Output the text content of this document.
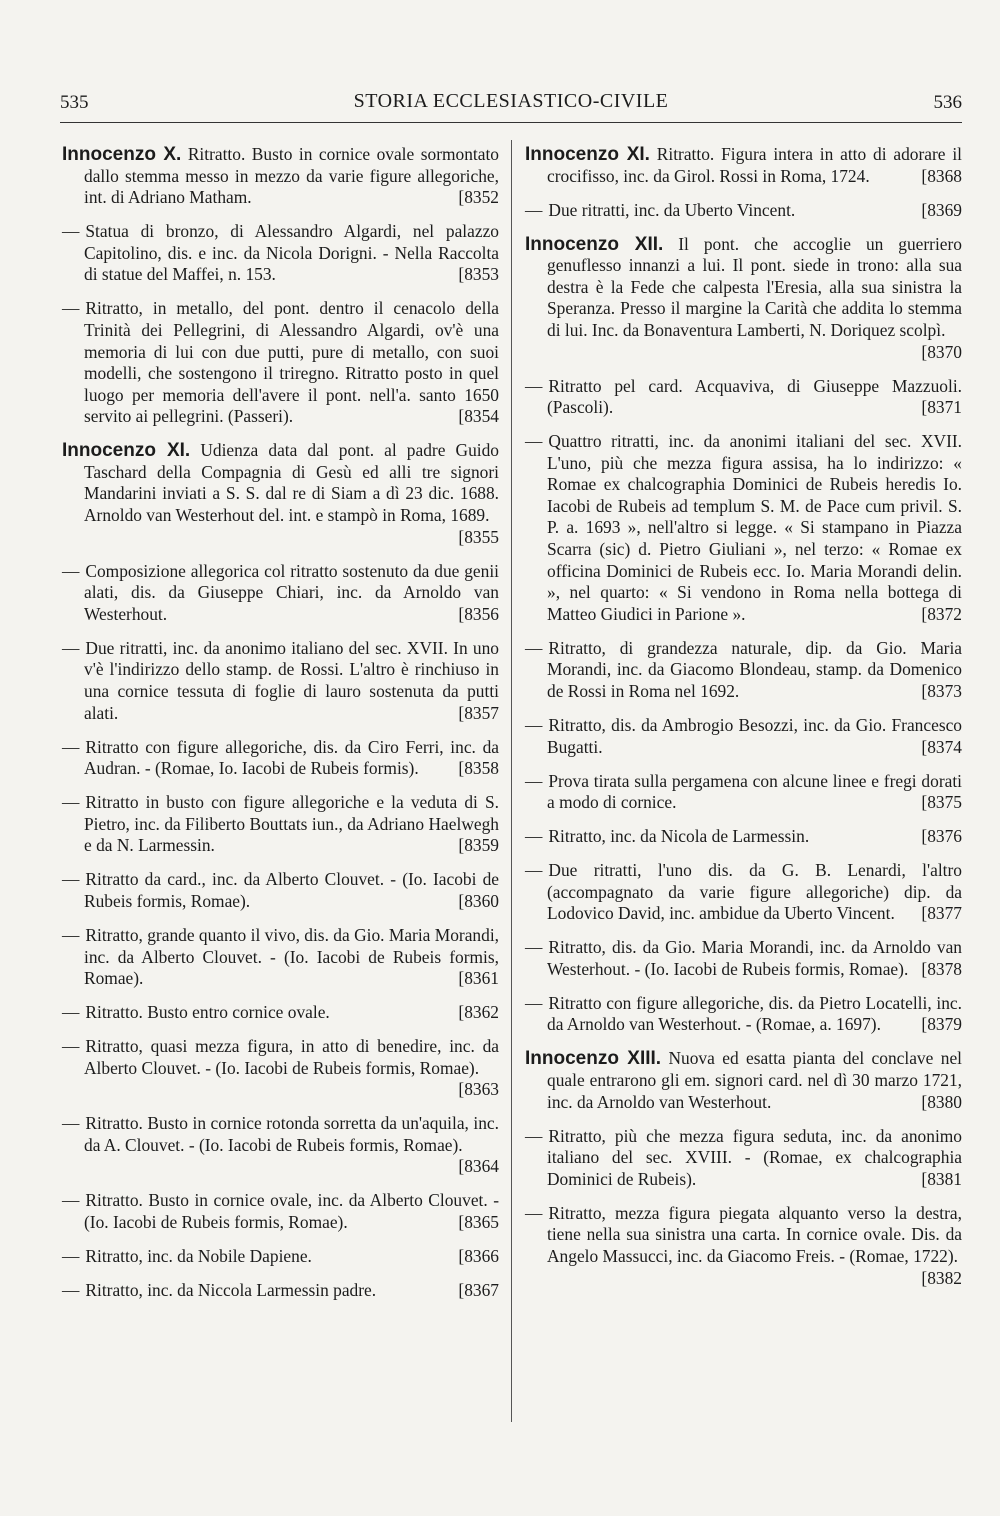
535	STORIA ECCLESIASTICO-CIVILE	536
Innocenzo X. Ritratto. Busto in cornice ovale sormontato dallo stemma messo in mezzo da varie figure allegoriche, int. di Adriano Matham.	[8352
— Statua di bronzo, di Alessandro Algardi, nel palazzo Capitolino, dis. e inc. da Nicola Dorigni. - Nella Raccolta di statue del Maffei, n. 153.	[8353
— Ritratto, in metallo, del pont. dentro il cenacolo della Trinità dei Pellegrini, di Alessandro Algardi, ov'è una memoria di lui con due putti, pure di metallo, con suoi modelli, che sostengono il triregno. Ritratto posto in quel luogo per memoria dell'avere il pont. nell'a. santo 1650 servito ai pellegrini. (Passeri).	[8354
Innocenzo XI. Udienza data dal pont. al padre Guido Taschard della Compagnia di Gesù ed alli tre signori Mandarini inviati a S. S. dal re di Siam a dì 23 dic. 1688. Arnoldo van Westerhout del. int. e stampò in Roma, 1689.
[8355
— Composizione allegorica col ritratto sostenuto da due genii alati, dis. da Giuseppe Chiari, inc. da Arnoldo van Westerhout.	[8356
— Due ritratti, inc. da anonimo italiano del sec. XVII. In uno v'è l'indirizzo dello stamp. de Rossi. L'altro è rinchiuso in una cornice tessuta di foglie di lauro sostenuta da putti alati.	[8357
— Ritratto con figure allegoriche, dis. da Ciro Ferri, inc. da Audran. - (Romae, Io. Iacobi de Rubeis formis).	[8358
— Ritratto in busto con figure allegoriche e la veduta di S. Pietro, inc. da Filiberto Bouttats iun., da Adriano Haelwegh e da N. Larmessin.	[8359
— Ritratto da card., inc. da Alberto Clouvet. - (Io. Iacobi de Rubeis formis, Romae).	[8360
— Ritratto, grande quanto il vivo, dis. da Gio. Maria Morandi, inc. da Alberto Clouvet. - (Io. Iacobi de Rubeis formis, Romae).	[8361
— Ritratto. Busto entro cornice ovale.	[8362
— Ritratto, quasi mezza figura, in atto di benedire, inc. da Alberto Clouvet. - (Io. Iacobi de Rubeis formis, Romae).
[8363
— Ritratto. Busto in cornice rotonda sorretta da un'aquila, inc. da A. Clouvet. - (Io. Iacobi de Rubeis formis, Romae).
[8364
— Ritratto. Busto in cornice ovale, inc. da Alberto Clouvet. - (Io. Iacobi de Rubeis formis, Romae).	[8365
— Ritratto, inc. da Nobile Dapiene.	[8366
— Ritratto, inc. da Niccola Larmessin padre.	[8367
Innocenzo XI. Ritratto. Figura intera in atto di adorare il crocifisso, inc. da Girol. Rossi in Roma, 1724.	[8368
— Due ritratti, inc. da Uberto Vincent.	[8369
Innocenzo XII. Il pont. che accoglie un guerriero genuflesso innanzi a lui. Il pont. siede in trono: alla sua destra è la Fede che calpesta l'Eresia, alla sua sinistra la Speranza. Presso il margine la Carità che addita lo stemma di lui. Inc. da Bonaventura Lamberti, N. Doriquez scolpì.
[8370
— Ritratto pel card. Acquaviva, di Giuseppe Mazzuoli. (Pascoli).	[8371
— Quattro ritratti, inc. da anonimi italiani del sec. XVII. L'uno, più che mezza figura assisa, ha lo indirizzo: « Romae ex chalcographia Dominici de Rubeis heredis Io. Iacobi de Rubeis ad templum S. M. de Pace cum privil. S. P. a. 1693 », nell'altro si legge. « Si stampano in Piazza Scarra (sic) d. Pietro Giuliani », nel terzo: « Romae ex officina Dominici de Rubeis ecc. Io. Maria Morandi delin. », nel quarto: « Si vendono in Roma nella bottega di Matteo Giudici in Parione ».	[8372
— Ritratto, di grandezza naturale, dip. da Gio. Maria Morandi, inc. da Giacomo Blondeau, stamp. da Domenico de Rossi in Roma nel 1692.	[8373
— Ritratto, dis. da Ambrogio Besozzi, inc. da Gio. Francesco Bugatti.	[8374
— Prova tirata sulla pergamena con alcune linee e fregi dorati a modo di cornice.	[8375
— Ritratto, inc. da Nicola de Larmessin.	[8376
— Due ritratti, l'uno dis. da G. B. Lenardi, l'altro (accompagnato da varie figure allegoriche) dip. da Lodovico David, inc. ambidue da Uberto Vincent.	[8377
— Ritratto, dis. da Gio. Maria Morandi, inc. da Arnoldo van Westerhout. - (Io. Iacobi de Rubeis formis, Romae). [8378
— Ritratto con figure allegoriche, dis. da Pietro Locatelli, inc. da Arnoldo van Westerhout. - (Romae, a. 1697).	[8379
Innocenzo XIII. Nuova ed esatta pianta del conclave nel quale entrarono gli em. signori card. nel dì 30 marzo 1721, inc. da Arnoldo van Westerhout.	[8380
— Ritratto, più che mezza figura seduta, inc. da anonimo italiano del sec. XVIII. - (Romae, ex chalcographia Dominici de Rubeis).	[8381
— Ritratto, mezza figura piegata alquanto verso la destra, tiene nella sua sinistra una carta. In cornice ovale. Dis. da Angelo Massucci, inc. da Giacomo Freis. - (Romae, 1722).
[8382
